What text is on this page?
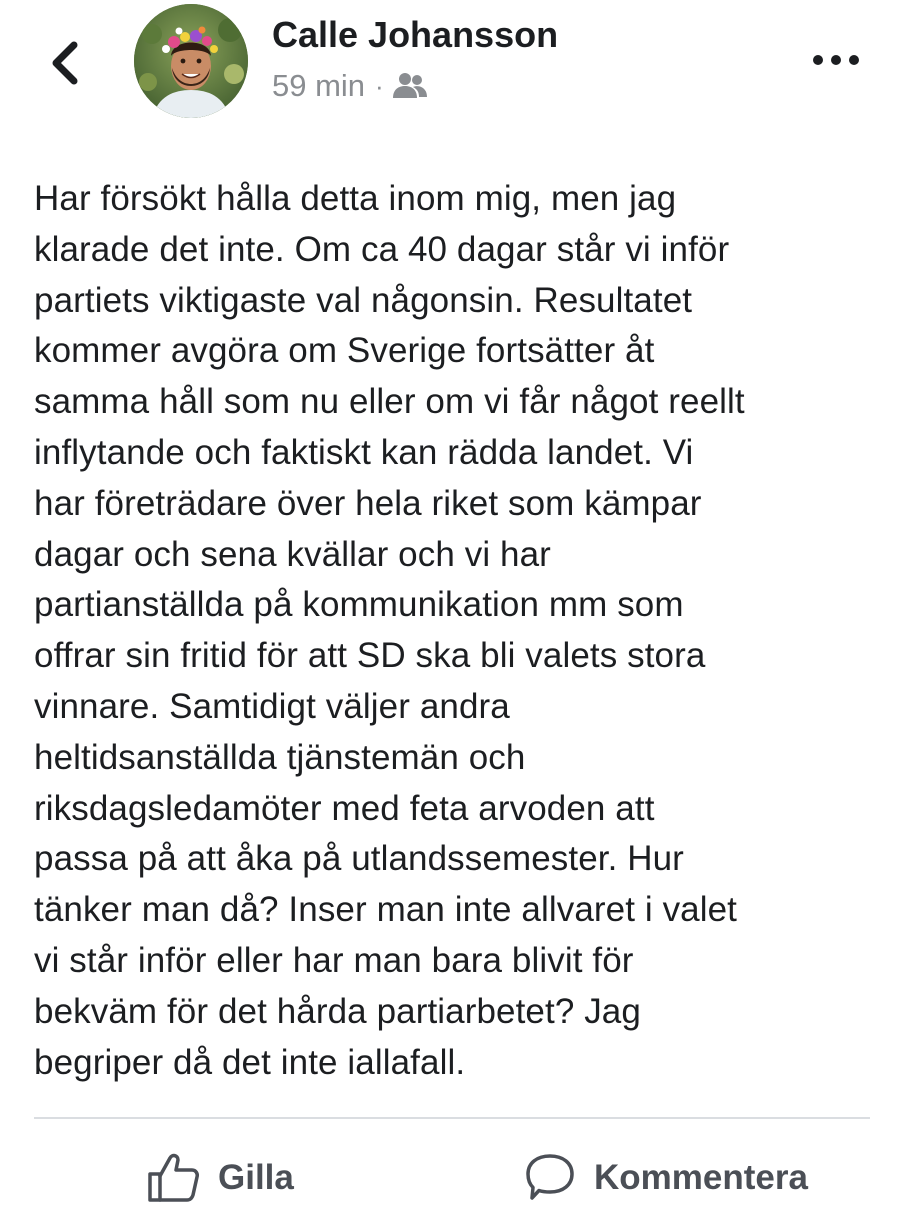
Calle Johansson
59 min ·
Har försökt hålla detta inom mig, men jag
klarade det inte. Om ca 40 dagar står vi inför
partiets viktigaste val någonsin. Resultatet
kommer avgöra om Sverige fortsätter åt
samma håll som nu eller om vi får något reellt
inflytande och faktiskt kan rädda landet. Vi
har företrädare över hela riket som kämpar
dagar och sena kvällar och vi har
partianställda på kommunikation mm som
offrar sin fritid för att SD ska bli valets stora
vinnare. Samtidigt väljer andra
heltidsanställda tjänstemän och
riksdagsledamöter med feta arvoden att
passa på att åka på utlandssemester. Hur
tänker man då? Inser man inte allvaret i valet
vi står inför eller har man bara blivit för
bekväm för det hårda partiarbetet? Jag
begriper då det inte iallafall.
Gilla	Kommentera
